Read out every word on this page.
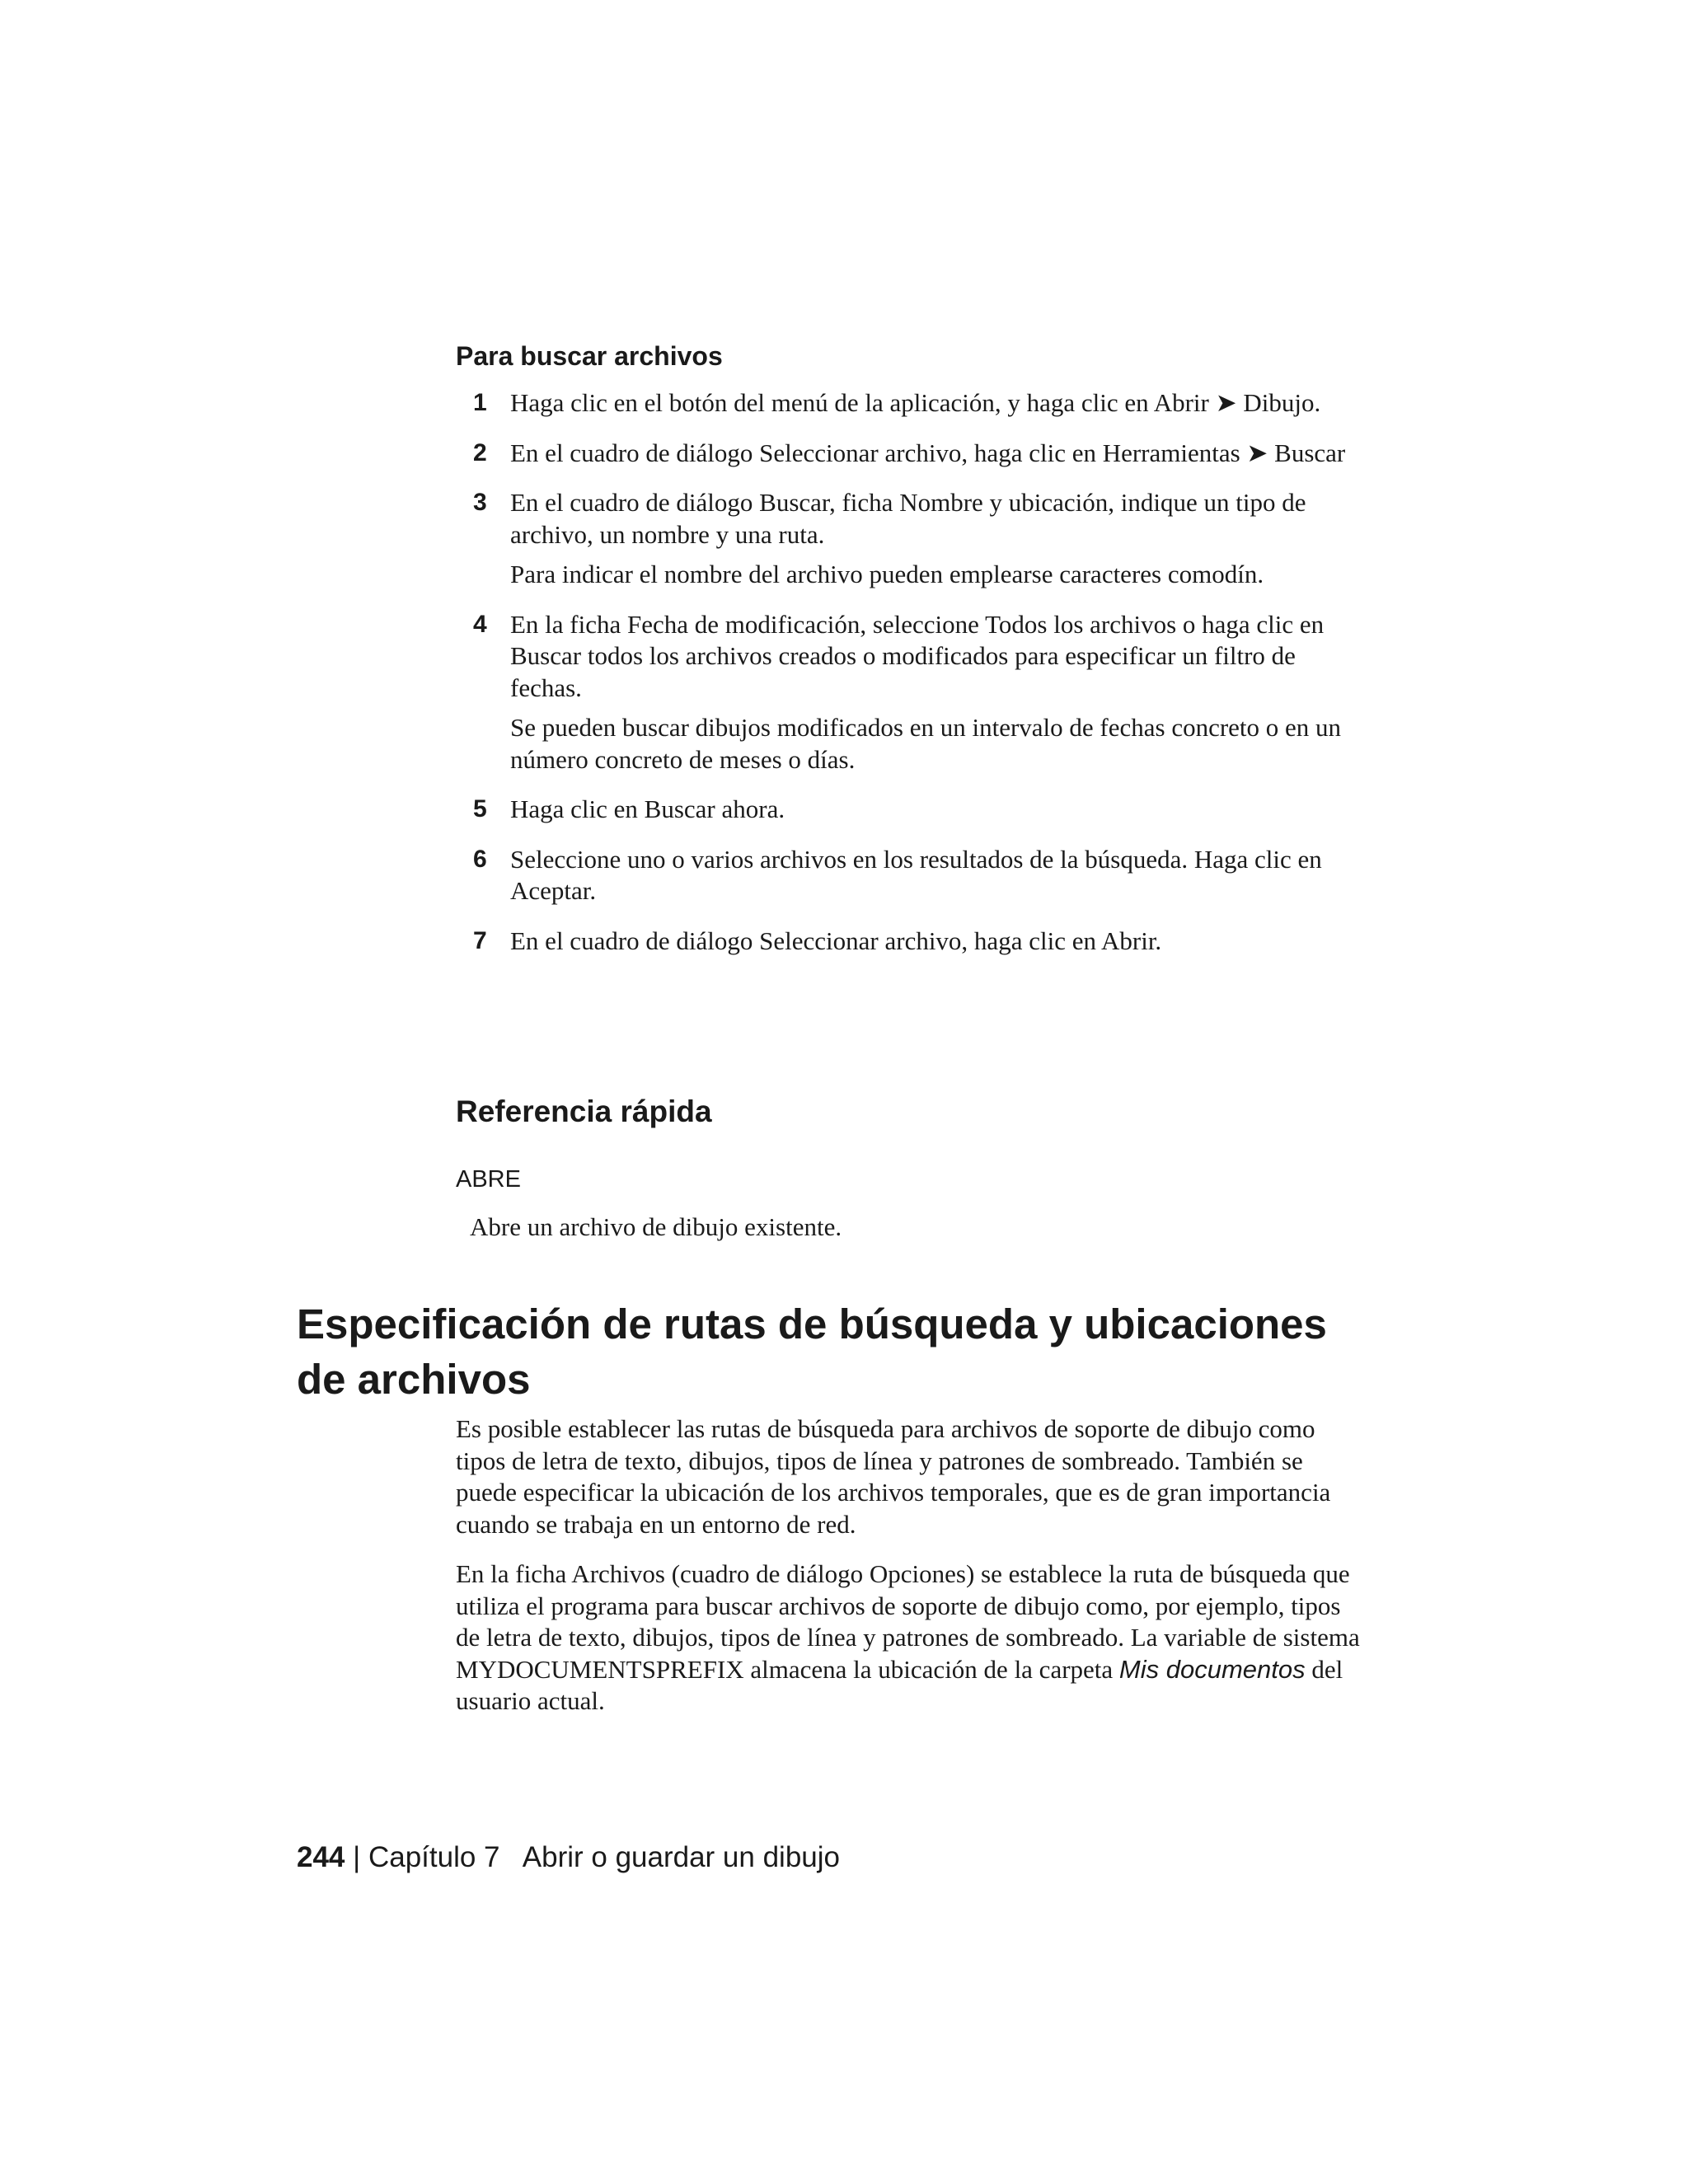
Para buscar archivos
1 Haga clic en el botón del menú de la aplicación, y haga clic en Abrir ➤ Dibujo.

2 En el cuadro de diálogo Seleccionar archivo, haga clic en Herramientas ➤ Buscar

3 En el cuadro de diálogo Buscar, ficha Nombre y ubicación, indique un tipo de archivo, un nombre y una ruta.

Para indicar el nombre del archivo pueden emplearse caracteres comodín.

4 En la ficha Fecha de modificación, seleccione Todos los archivos o haga clic en Buscar todos los archivos creados o modificados para especificar un filtro de fechas.

Se pueden buscar dibujos modificados en un intervalo de fechas concreto o en un número concreto de meses o días.

5 Haga clic en Buscar ahora.

6 Seleccione uno o varios archivos en los resultados de la búsqueda. Haga clic en Aceptar.

7 En el cuadro de diálogo Seleccionar archivo, haga clic en Abrir.

Referencia rápida

ABRE

Abre un archivo de dibujo existente.

Especificación de rutas de búsqueda y ubicaciones de archivos

Es posible establecer las rutas de búsqueda para archivos de soporte de dibujo como tipos de letra de texto, dibujos, tipos de línea y patrones de sombreado. También se puede especificar la ubicación de los archivos temporales, que es de gran importancia cuando se trabaja en un entorno de red.

En la ficha Archivos (cuadro de diálogo Opciones) se establece la ruta de búsqueda que utiliza el programa para buscar archivos de soporte de dibujo como, por ejemplo, tipos de letra de texto, dibujos, tipos de línea y patrones de sombreado. La variable de sistema MYDOCUMENTSPREFIX almacena la ubicación de la carpeta Mis documentos del usuario actual.

244 | Capítulo 7 Abrir o guardar un dibujo
